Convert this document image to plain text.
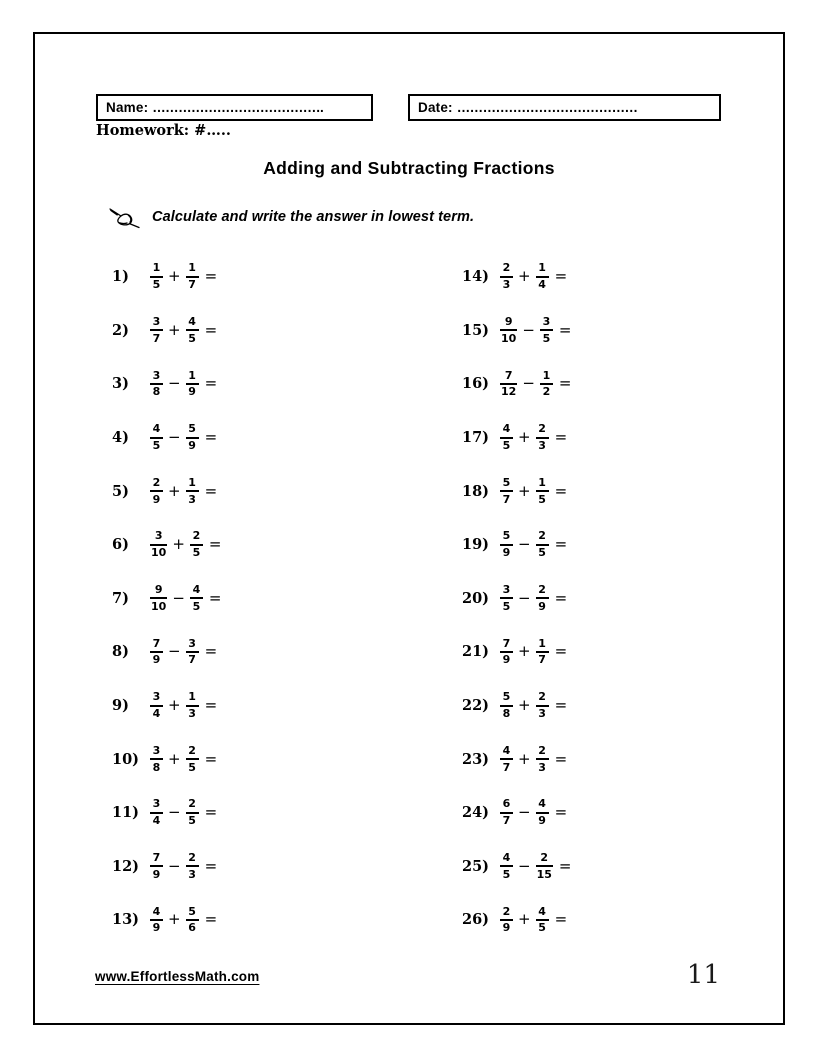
Name: ………………………………….	Date: ……………………………………
Homework: #…..
Adding and Subtracting Fractions
Calculate and write the answer in lowest term.
1)	$\frac{1}{5} + \frac{1}{7}$ =
2)	$\frac{3}{7} + \frac{4}{5}$ =
3)	$\frac{3}{8} - \frac{1}{9}$ =
4)	$\frac{4}{5} - \frac{5}{9}$ =
5)	$\frac{2}{9} + \frac{1}{3}$ =
6)	$\frac{3}{10} + \frac{2}{5}$ =
7)	$\frac{9}{10} - \frac{4}{5}$ =
8)	$\frac{7}{9} - \frac{3}{7}$ =
9)	$\frac{3}{4} + \frac{1}{3}$ =
$10) \frac{3}{8} + \frac{2}{5}$ =
$11) \frac{3}{4} - \frac{2}{5}$ =
$12) \frac{7}{9} - \frac{2}{3}$ =
$13) \frac{4}{9} + \frac{5}{6}$ =
$14) \frac{2}{3} + \frac{1}{4}$ =
$15) \frac{9}{10} - \frac{3}{5}$ =
$16) \frac{7}{12} - \frac{1}{2}$ =
$17) \frac{4}{5} + \frac{2}{3}$ =
$18) \frac{5}{7} + \frac{1}{5}$ =
$19) \frac{5}{9} - \frac{2}{5}$ =
$20) \frac{3}{5} - \frac{2}{9}$ =
$21) \frac{7}{9} + \frac{1}{7}$ =
$22) \frac{5}{8} + \frac{2}{3}$ =
$23) \frac{4}{7} + \frac{2}{3}$ =
$24) \frac{6}{7} - \frac{4}{9}$ =
$25) \frac{4}{5} - \frac{2}{15}$ =
$26) \frac{2}{9} + \frac{4}{5}$ =
www.EffortlessMath.com	11
